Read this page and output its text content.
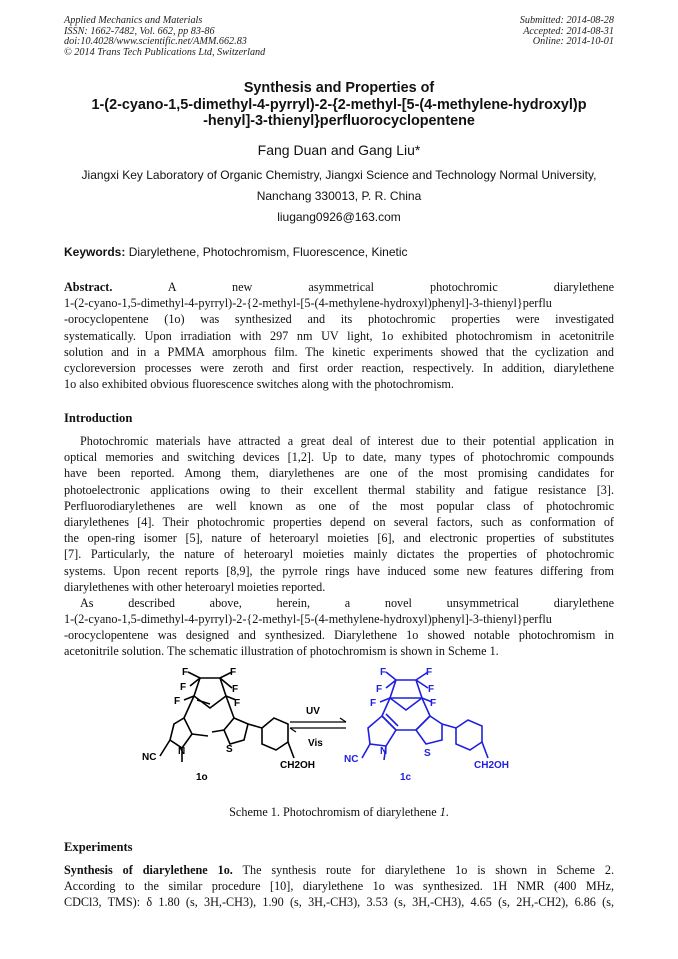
Applied Mechanics and Materials
ISSN: 1662-7482, Vol. 662, pp 83-86
doi:10.4028/www.scientific.net/AMM.662.83
© 2014 Trans Tech Publications Ltd, Switzerland
Submitted: 2014-08-28
Accepted: 2014-08-31
Online: 2014-10-01
Synthesis and Properties of
1-(2-cyano-1,5-dimethyl-4-pyrryl)-2-{2-methyl-[5-(4-methylene-hydroxyl)p
-henyl]-3-thienyl}perfluorocyclopentene
Fang Duan and Gang Liu*
Jiangxi Key Laboratory of Organic Chemistry, Jiangxi Science and Technology Normal University,
Nanchang 330013, P. R. China
liugang0926@163.com
Keywords: Diarylethene, Photochromism, Fluorescence, Kinetic
Abstract.	A new asymmetrical photochromic diarylethene
1-(2-cyano-1,5-dimethyl-4-pyrryl)-2-{2-methyl-[5-(4-methylene-hydroxyl)phenyl]-3-thienyl}perflu
-orocyclopentene (1o) was synthesized and its photochromic properties were investigated
systematically. Upon irradiation with 297 nm UV light, 1o exhibited photochromism in acetonitrile
solution and in a PMMA amorphous film. The kinetic experiments showed that the cyclization and
cycloreversion processes were zeroth and first order reaction, respectively. In addition, diarylethene
1o also exhibited obvious fluorescence switches along with the photochromism.
Introduction
Photochromic materials have attracted a great deal of interest due to their potential application in
optical memories and switching devices [1,2]. Up to date, many types of photochromic compounds
have been reported. Among them, diarylethenes are one of the most promising candidates for
photoelectronic applications owing to their excellent thermal stability and fatigue resistance [3].
Perfluorodiarylethenes are well known as one of the most popular class of photochromic
diarylethenes [4]. Their photochromic properties depend on several factors, such as conformation of
the open-ring isomer [5], nature of heteroaryl moieties [6], and electronic properties of substitutes
[7]. Particularly, the nature of heteroaryl moieties mainly dictates the properties of photochromic
systems. Upon recent reports [8,9], the pyrrole rings have induced some new features differing from
diarylethenes with other heteroaryl moieties reported.
As described above, herein, a novel unsymmetrical diarylethene
1-(2-cyano-1,5-dimethyl-4-pyrryl)-2-{2-methyl-[5-(4-methylene-hydroxyl)phenyl]-3-thienyl}perflu
-orocyclopentene was designed and synthesized. Diarylethene 1o showed notable photochromism in
acetonitrile solution. The schematic illustration of photochromism is shown in Scheme 1.
F
F
F
F
F	F
NC
N	S
CH2OH
1o
UV
Vis
F
F
F
F
F	F
NC
N	S
CH2OH
1c
Scheme 1. Photochromism of diarylethene 1.
Experiments
Synthesis of diarylethene 1o. The synthesis route for diarylethene 1o is shown in Scheme 2.
According to the similar procedure [10], diarylethene 1o was synthesized. 1H NMR (400 MHz,
CDCl3, TMS): δ 1.80 (s, 3H,-CH3), 1.90 (s, 3H,-CH3), 3.53 (s, 3H,-CH3), 4.65 (s, 2H,-CH2), 6.86 (s,
